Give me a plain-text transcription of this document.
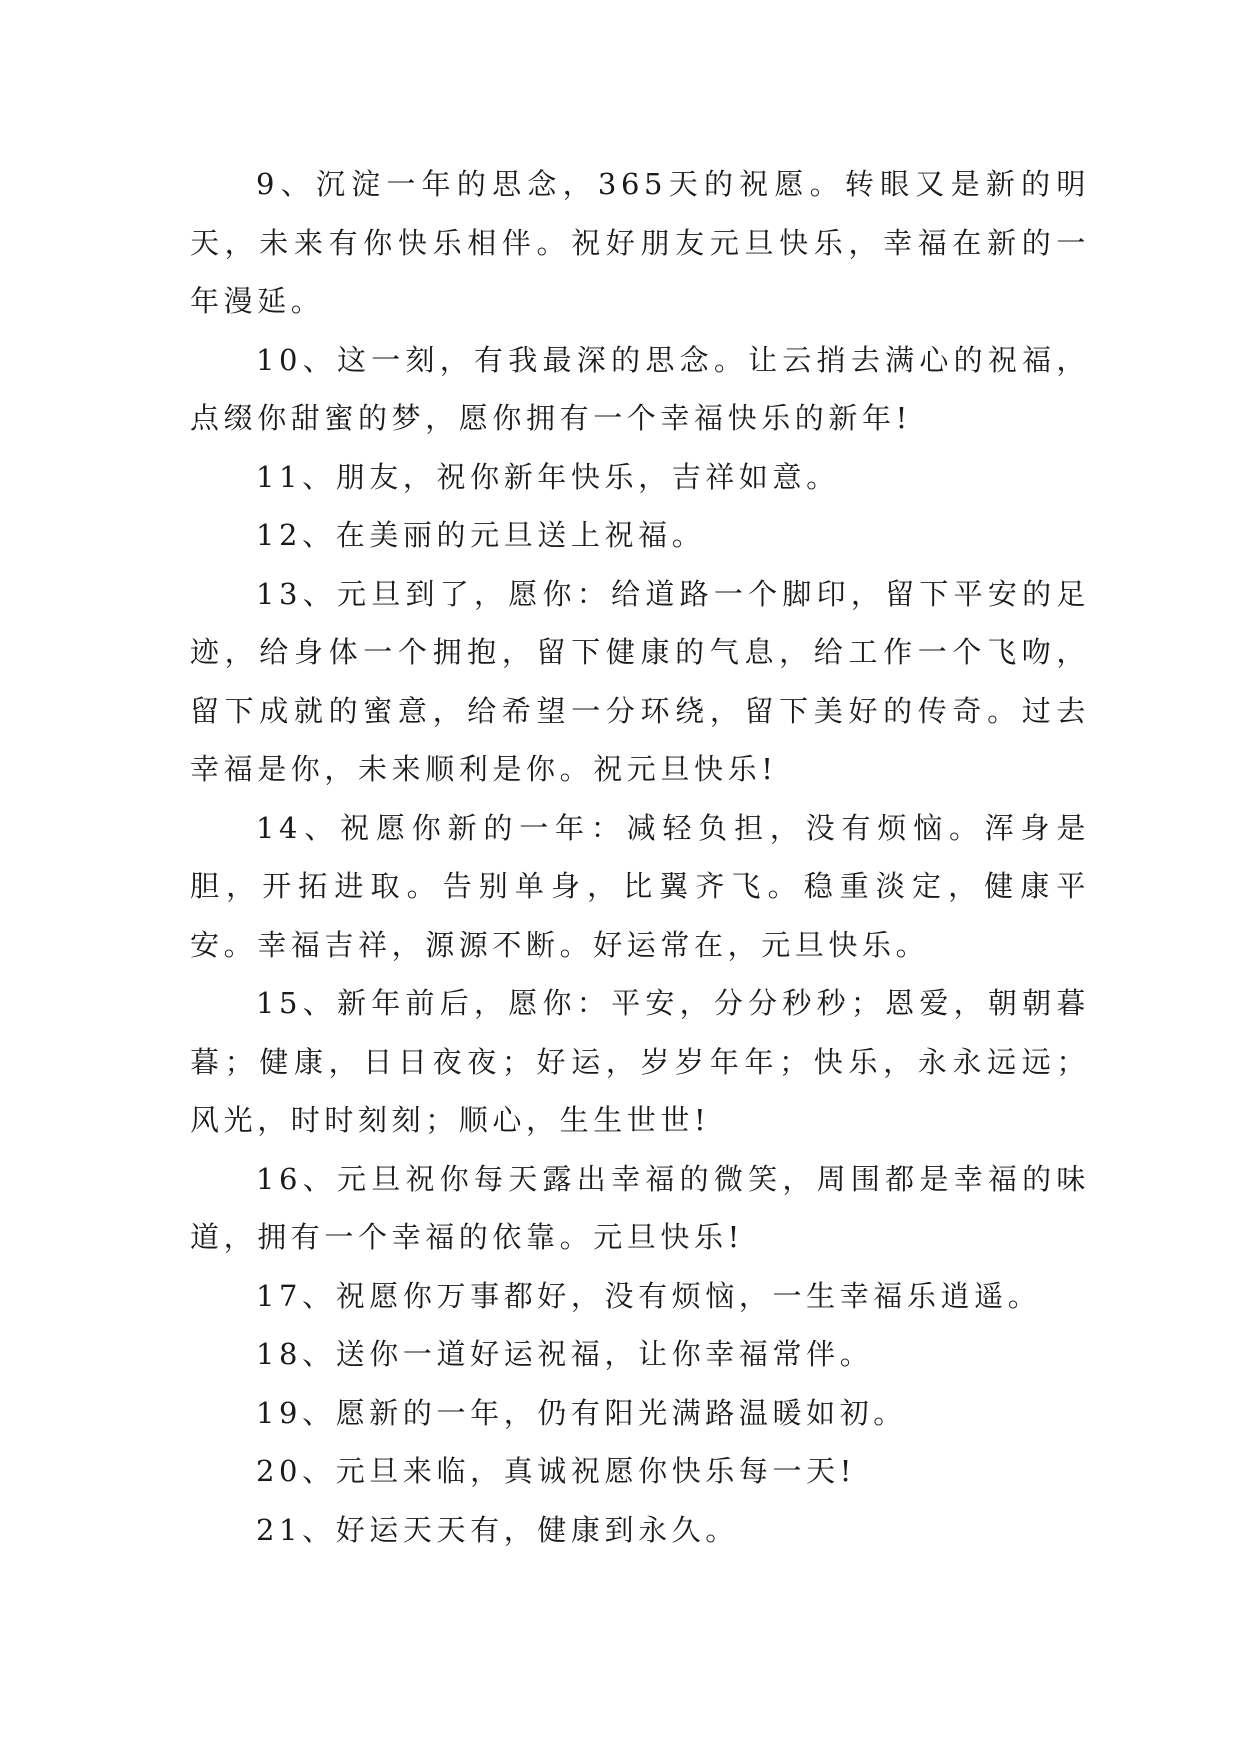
9、沉淀一年的思念，365天的祝愿。转眼又是新的明天，未来有你快乐相伴。祝好朋友元旦快乐，幸福在新的一年漫延。

10、这一刻，有我最深的思念。让云捎去满心的祝福，点缀你甜蜜的梦，愿你拥有一个幸福快乐的新年!

11、朋友，祝你新年快乐，吉祥如意。

12、在美丽的元旦送上祝福。

13、元旦到了，愿你：给道路一个脚印，留下平安的足迹，给身体一个拥抱，留下健康的气息，给工作一个飞吻，留下成就的蜜意，给希望一分环绕，留下美好的传奇。过去幸福是你，未来顺利是你。祝元旦快乐!

14、祝愿你新的一年：减轻负担，没有烦恼。浑身是胆，开拓进取。告别单身，比翼齐飞。稳重淡定，健康平安。幸福吉祥，源源不断。好运常在，元旦快乐。

15、新年前后，愿你：平安，分分秒秒；恩爱，朝朝暮暮；健康，日日夜夜；好运，岁岁年年；快乐，永永远远；风光，时时刻刻；顺心，生生世世!

16、元旦祝你每天露出幸福的微笑，周围都是幸福的味道，拥有一个幸福的依靠。元旦快乐!

17、祝愿你万事都好，没有烦恼，一生幸福乐逍遥。

18、送你一道好运祝福，让你幸福常伴。

19、愿新的一年，仍有阳光满路温暖如初。

20、元旦来临，真诚祝愿你快乐每一天!

21、好运天天有，健康到永久。
